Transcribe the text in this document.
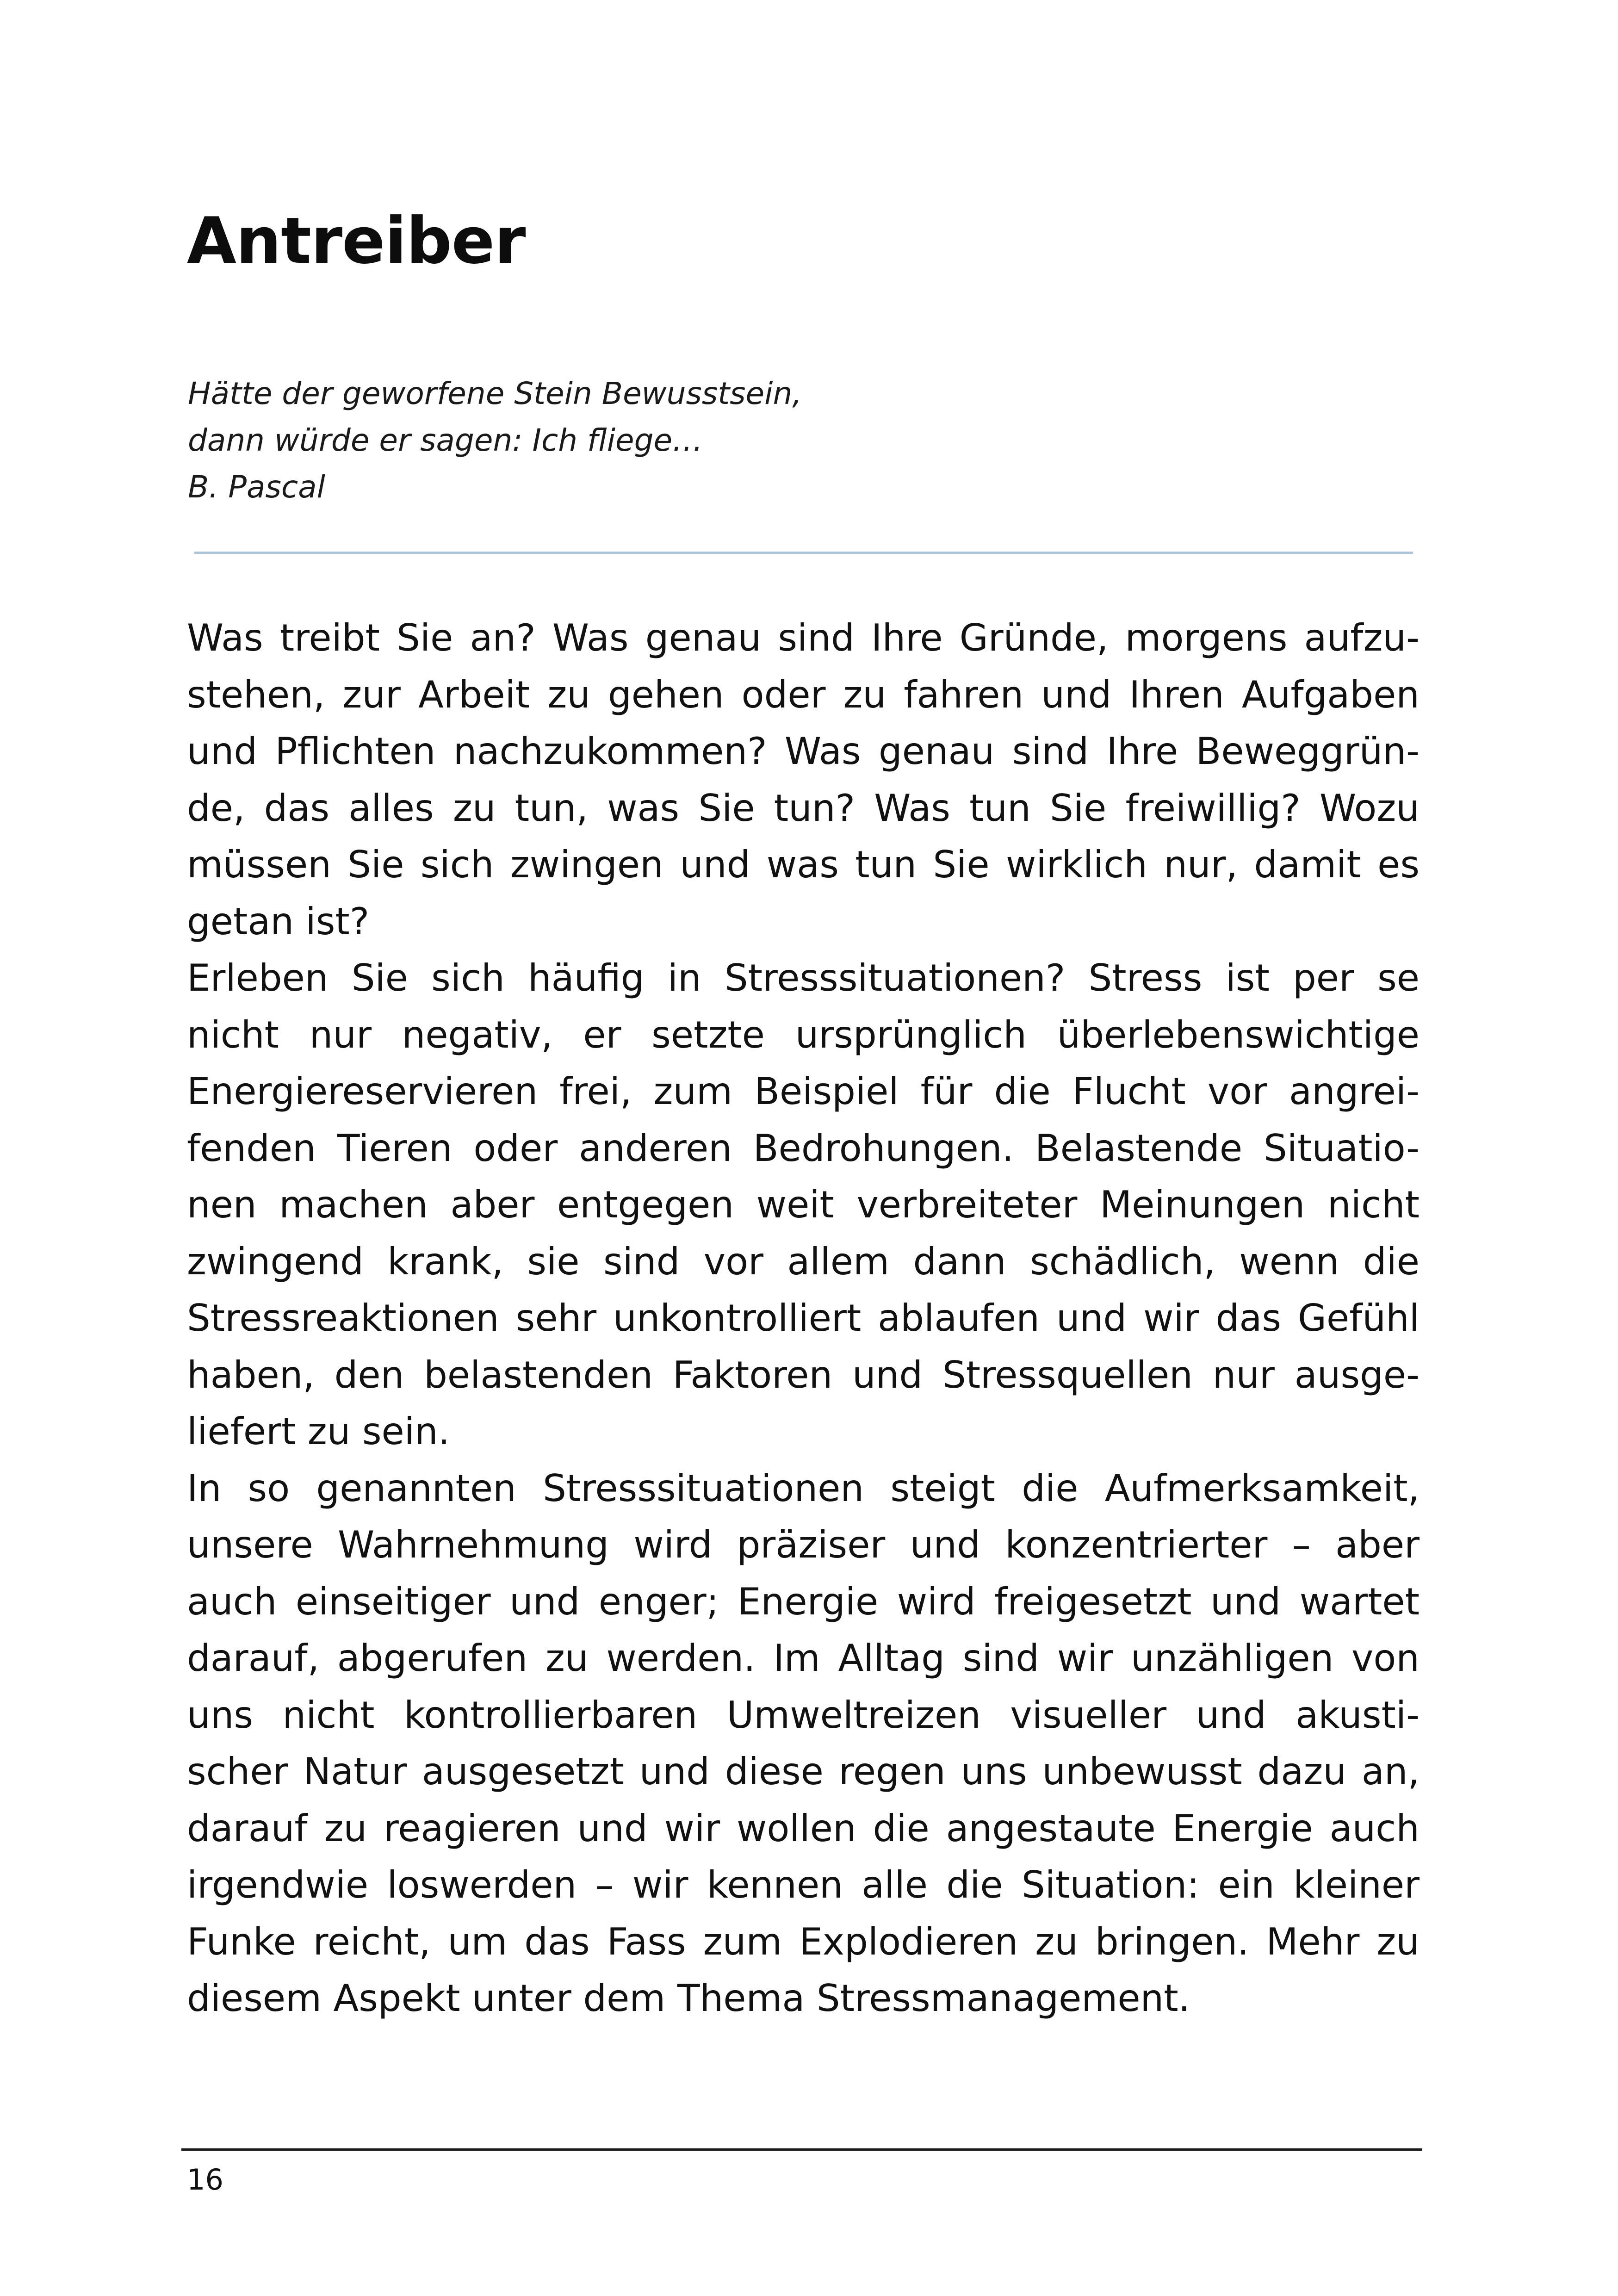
Antreiber
Hätte der geworfene Stein Bewusstsein,
dann würde er sagen: Ich fliege…
B. Pascal
Was treibt Sie an? Was genau sind Ihre Gründe, morgens aufzu-
stehen, zur Arbeit zu gehen oder zu fahren und Ihren Aufgaben
und Pflichten nachzukommen? Was genau sind Ihre Beweggrün-
de, das alles zu tun, was Sie tun? Was tun Sie freiwillig? Wozu
müssen Sie sich zwingen und was tun Sie wirklich nur, damit es
getan ist?
Erleben Sie sich häufig in Stresssituationen? Stress ist per se
nicht nur negativ, er setzte ursprünglich überlebenswichtige
Energiereservieren frei, zum Beispiel für die Flucht vor angrei-
fenden Tieren oder anderen Bedrohungen. Belastende Situatio-
nen machen aber entgegen weit verbreiteter Meinungen nicht
zwingend krank, sie sind vor allem dann schädlich, wenn die
Stressreaktionen sehr unkontrolliert ablaufen und wir das Gefühl
haben, den belastenden Faktoren und Stressquellen nur ausge-
liefert zu sein.
In so genannten Stresssituationen steigt die Aufmerksamkeit,
unsere Wahrnehmung wird präziser und konzentrierter – aber
auch einseitiger und enger; Energie wird freigesetzt und wartet
darauf, abgerufen zu werden. Im Alltag sind wir unzähligen von
uns nicht kontrollierbaren Umweltreizen visueller und akusti-
scher Natur ausgesetzt und diese regen uns unbewusst dazu an,
darauf zu reagieren und wir wollen die angestaute Energie auch
irgendwie loswerden – wir kennen alle die Situation: ein kleiner
Funke reicht, um das Fass zum Explodieren zu bringen. Mehr zu
diesem Aspekt unter dem Thema Stressmanagement.
16
